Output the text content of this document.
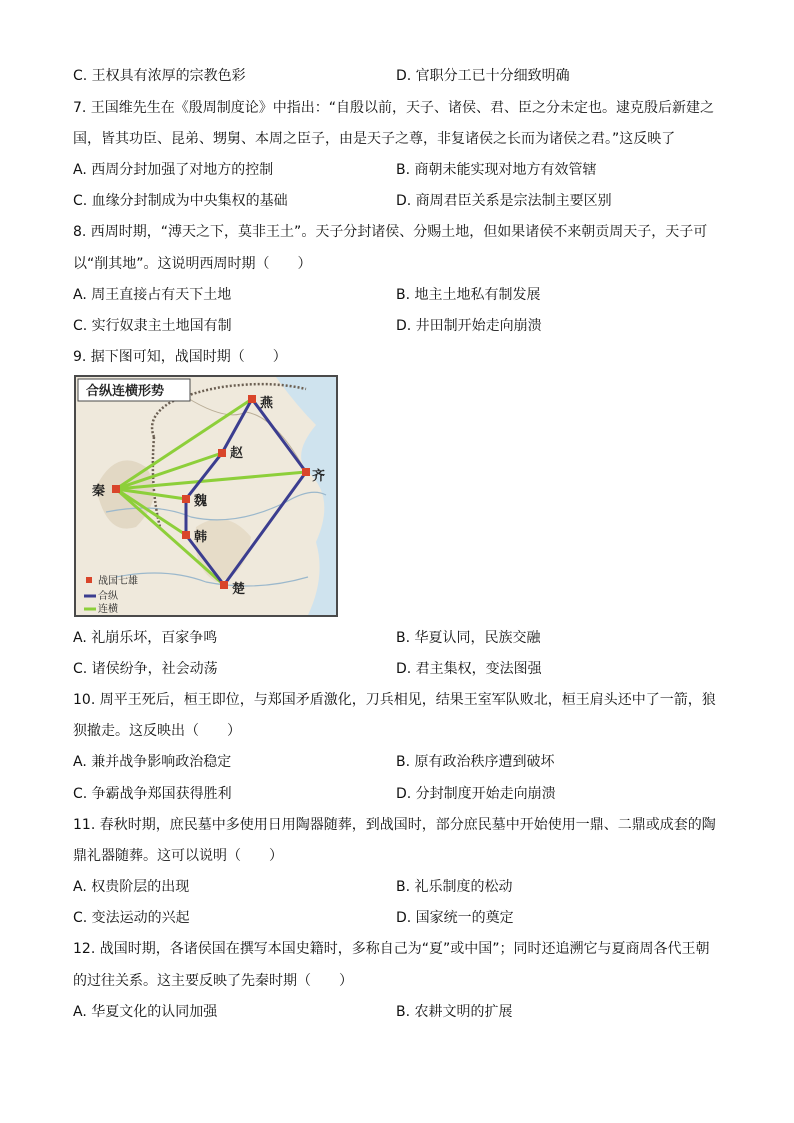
C. 王权具有浓厚的宗教色彩	D. 官职分工已十分细致明确
7. 王国维先生在《殷周制度论》中指出：“自殷以前，天子、诸侯、君、臣之分未定也。逮克殷后新建之
国，皆其功臣、昆弟、甥舅、本周之臣子，由是天子之尊，非复诸侯之长而为诸侯之君。”这反映了
A. 西周分封加强了对地方的控制	B. 商朝未能实现对地方有效管辖
C. 血缘分封制成为中央集权的基础	D. 商周君臣关系是宗法制主要区别
8. 西周时期，“溥天之下，莫非王土”。天子分封诸侯、分赐土地，但如果诸侯不来朝贡周天子，天子可
以“削其地”。这说明西周时期（　　）
A. 周王直接占有天下土地	B. 地主土地私有制发展
C. 实行奴隶主土地国有制	D. 井田制开始走向崩溃
9. 据下图可知，战国时期（　　）
燕
赵
齐
秦
魏
韩
楚
合纵连横形势
战国七雄
合纵
连横
A. 礼崩乐坏，百家争鸣	B. 华夏认同，民族交融
C. 诸侯纷争，社会动荡	D. 君主集权，变法图强
10. 周平王死后，桓王即位，与郑国矛盾激化，刀兵相见，结果王室军队败北，桓王肩头还中了一箭，狼
狈撤走。这反映出（　　）
A. 兼并战争影响政治稳定	B. 原有政治秩序遭到破坏
C. 争霸战争郑国获得胜利	D. 分封制度开始走向崩溃
11. 春秋时期，庶民墓中多使用日用陶器随葬，到战国时，部分庶民墓中开始使用一鼎、二鼎或成套的陶
鼎礼器随葬。这可以说明（　　）
A. 权贵阶层的出现	B. 礼乐制度的松动
C. 变法运动的兴起	D. 国家统一的奠定
12. 战国时期，各诸侯国在撰写本国史籍时，多称自己为“夏”或中国”；同时还追溯它与夏商周各代王朝
的过往关系。这主要反映了先秦时期（　　）
A. 华夏文化的认同加强	B. 农耕文明的扩展
